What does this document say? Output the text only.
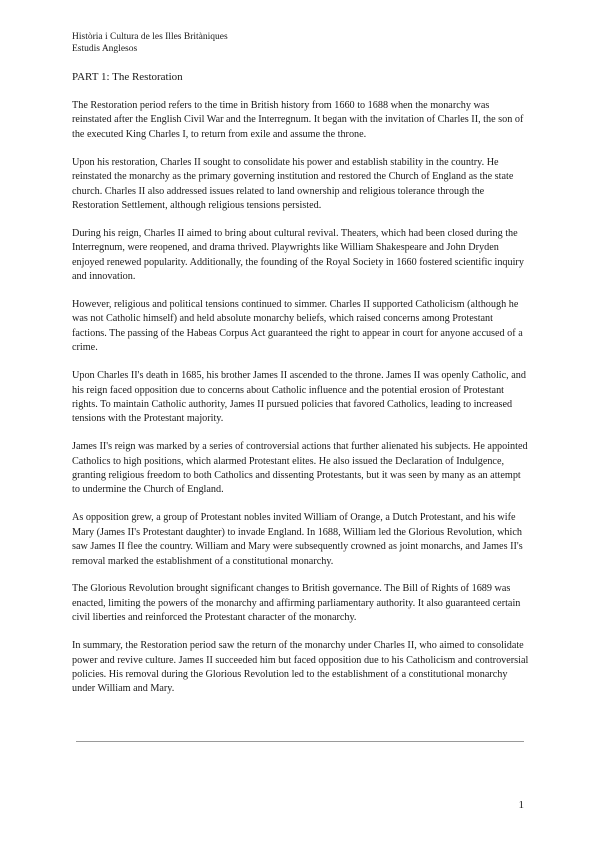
Història i Cultura de les Illes Britàniques
Estudis Anglesos
PART 1: The Restoration

The Restoration period refers to the time in British history from 1660 to 1688 when the monarchy was reinstated after the English Civil War and the Interregnum. It began with the invitation of Charles II, the son of the executed King Charles I, to return from exile and assume the throne.

Upon his restoration, Charles II sought to consolidate his power and establish stability in the country. He reinstated the monarchy as the primary governing institution and restored the Church of England as the state church. Charles II also addressed issues related to land ownership and religious tolerance through the Restoration Settlement, although religious tensions persisted.

During his reign, Charles II aimed to bring about cultural revival. Theaters, which had been closed during the Interregnum, were reopened, and drama thrived. Playwrights like William Shakespeare and John Dryden enjoyed renewed popularity. Additionally, the founding of the Royal Society in 1660 fostered scientific inquiry and innovation.

However, religious and political tensions continued to simmer. Charles II supported Catholicism (although he was not Catholic himself) and held absolute monarchy beliefs, which raised concerns among Protestant factions. The passing of the Habeas Corpus Act guaranteed the right to appear in court for anyone accused of a crime.

Upon Charles II's death in 1685, his brother James II ascended to the throne. James II was openly Catholic, and his reign faced opposition due to concerns about Catholic influence and the potential erosion of Protestant rights. To maintain Catholic authority, James II pursued policies that favored Catholics, leading to increased tensions with the Protestant majority.

James II's reign was marked by a series of controversial actions that further alienated his subjects. He appointed Catholics to high positions, which alarmed Protestant elites. He also issued the Declaration of Indulgence, granting religious freedom to both Catholics and dissenting Protestants, but it was seen by many as an attempt to undermine the Church of England.

As opposition grew, a group of Protestant nobles invited William of Orange, a Dutch Protestant, and his wife Mary (James II's Protestant daughter) to invade England. In 1688, William led the Glorious Revolution, which saw James II flee the country. William and Mary were subsequently crowned as joint monarchs, and James II's removal marked the establishment of a constitutional monarchy.

The Glorious Revolution brought significant changes to British governance. The Bill of Rights of 1689 was enacted, limiting the powers of the monarchy and affirming parliamentary authority. It also guaranteed certain civil liberties and reinforced the Protestant character of the monarchy.

In summary, the Restoration period saw the return of the monarchy under Charles II, who aimed to consolidate power and revive culture. James II succeeded him but faced opposition due to his Catholicism and controversial policies. His removal during the Glorious Revolution led to the establishment of a constitutional monarchy under William and Mary.

1
